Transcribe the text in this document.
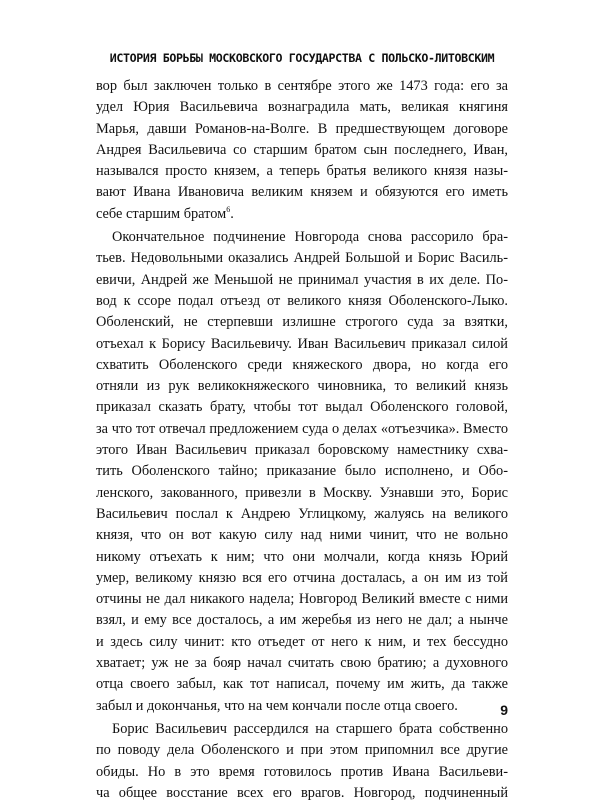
ИСТОРИЯ БОРЬБЫ МОСКОВСКОГО ГОСУДАРСТВА С ПОЛЬСКО-ЛИТОВСКИМ
вор был заключен только в сентябре этого же 1473 года: его за
удел Юрия Васильевича вознаградила мать, великая княгиня
Марья, давши Романов-на-Волге. В предшествующем договоре
Андрея Васильевича со старшим братом сын последнего, Иван,
назывался просто князем, а теперь братья великого князя назы-
вают Ивана Ивановича великим князем и обязуются его иметь
себе старшим братом$^6$.
Окончательное подчинение Новгорода снова рассорило бра-
тьев. Недовольными оказались Андрей Большой и Борис Василь-
евичи, Андрей же Меньшой не принимал участия в их деле. По-
вод к ссоре подал отъезд от великого князя Оболенского-Лыко.
Оболенский, не стерпевши излишне строгого суда за взятки,
отъехал к Борису Васильевичу. Иван Васильевич приказал силой
схватить Оболенского среди княжеского двора, но когда его
отняли из рук великокняжеского чиновника, то великий князь
приказал сказать брату, чтобы тот выдал Оболенского головой,
за что тот отвечал предложением суда о делах «отъезчика». Вместо
этого Иван Васильевич приказал боровскому наместнику схва-
тить Оболенского тайно; приказание было исполнено, и Обо-
ленского, закованного, привезли в Москву. Узнавши это, Борис
Васильевич послал к Андрею Углицкому, жалуясь на великого
князя, что он вот какую силу над ними чинит, что не вольно
никому отъехать к ним; что они молчали, когда князь Юрий
умер, великому князю вся его отчина досталась, а он им из той
отчины не дал никакого надела; Новгород Великий вместе с ними
взял, и ему все досталось, а им жеребья из него не дал; а нынче
и здесь силу чинит: кто отъедет от него к ним, и тех бессудно
хватает; уж не за бояр начал считать свою братию; а духовного
отца своего забыл, как тот написал, почему им жить, да также
забыл и докончанья, что на чем кончали после отца своего.
Борис Васильевич рассердился на старшего брата собственно
по поводу дела Оболенского и при этом припомнил все другие
обиды. Но в это время готовилось против Ивана Васильеви-
ча общее восстание всех его врагов. Новгород, подчиненный
9
